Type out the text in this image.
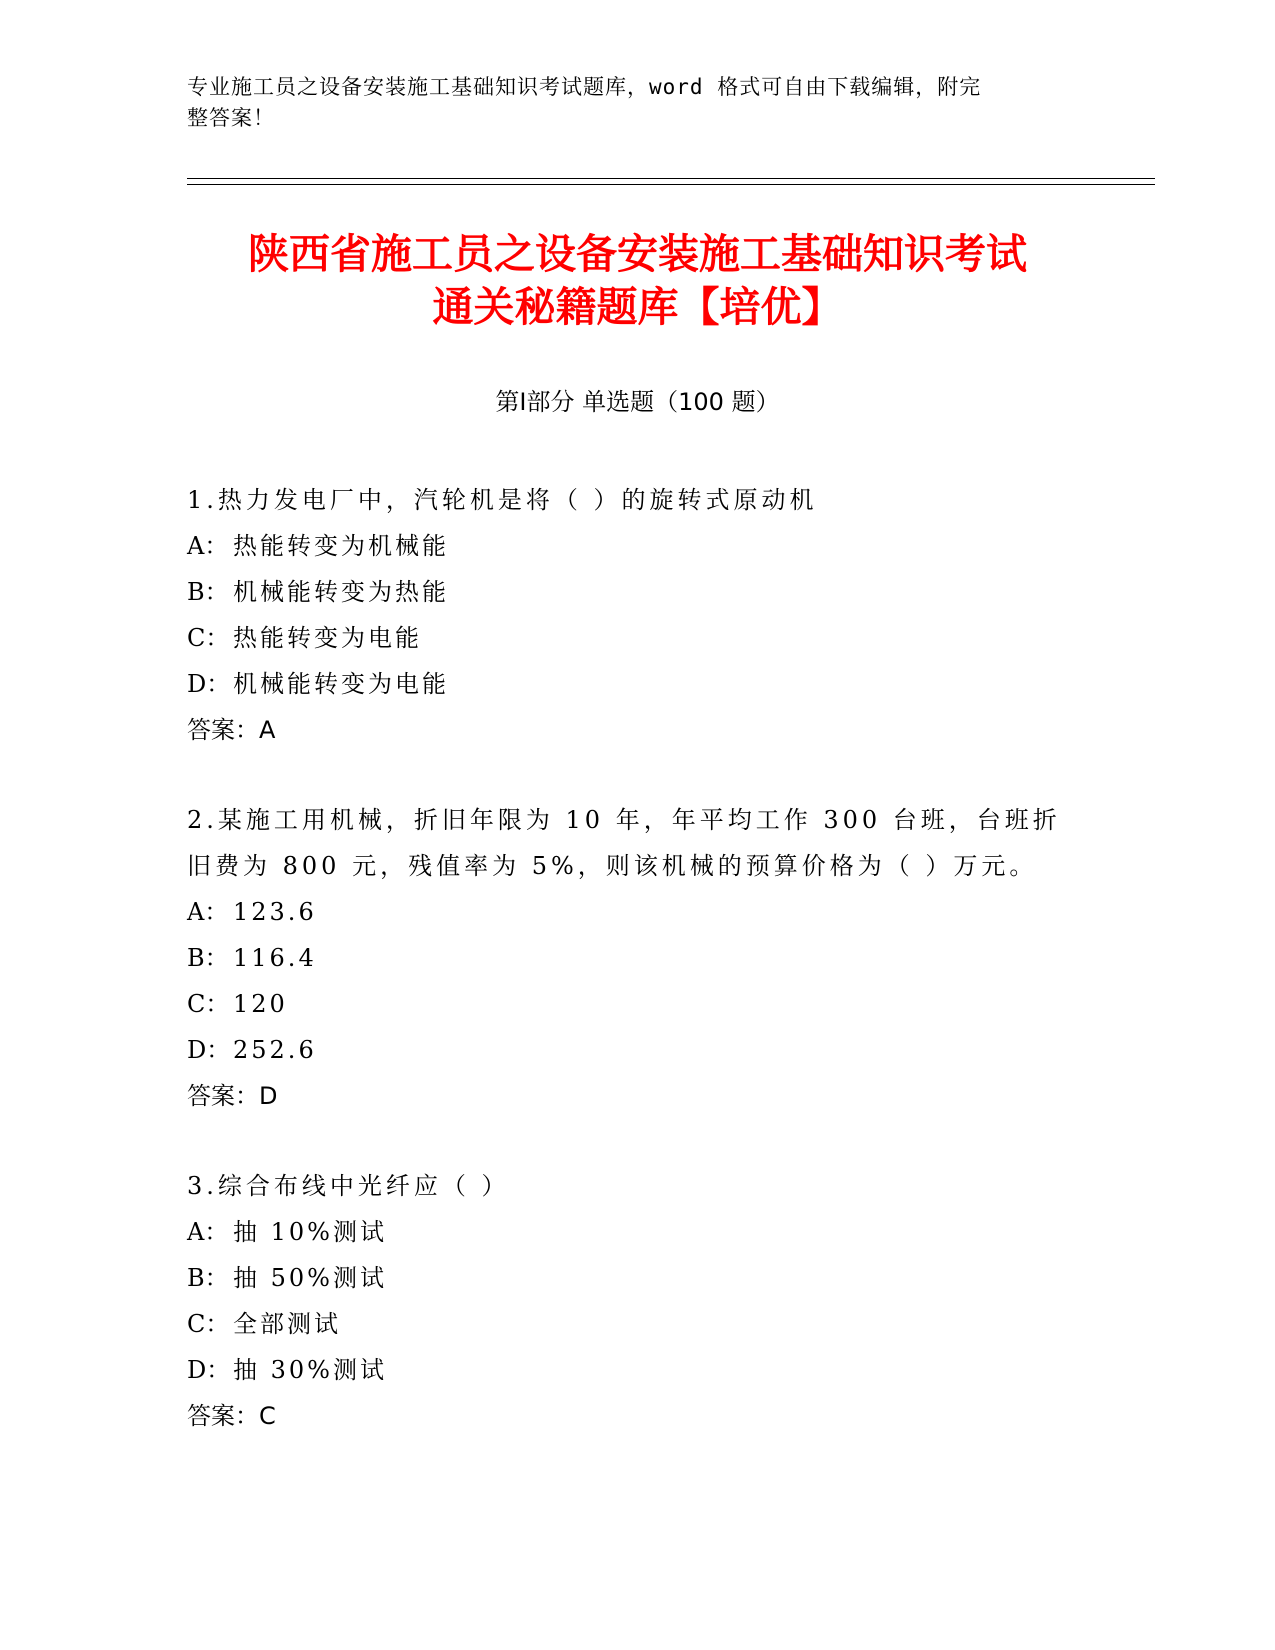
专业施工员之设备安装施工基础知识考试题库，word 格式可自由下载编辑，附完
整答案！
陕西省施工员之设备安装施工基础知识考试
通关秘籍题库【培优】
第Ⅰ部分 单选题（100 题）
1.热力发电厂中，汽轮机是将（ ）的旋转式原动机
A： 热能转变为机械能
B： 机械能转变为热能
C： 热能转变为电能
D： 机械能转变为电能
答案：A
2.某施工用机械，折旧年限为 10 年，年平均工作 300 台班，台班折旧费为 800 元，残值率为 5%，则该机械的预算价格为（ ）万元。
A： 123.6
B： 116.4
C： 120
D： 252.6
答案：D
3.综合布线中光纤应（ ）
A： 抽 10%测试
B： 抽 50%测试
C： 全部测试
D： 抽 30%测试
答案：C
